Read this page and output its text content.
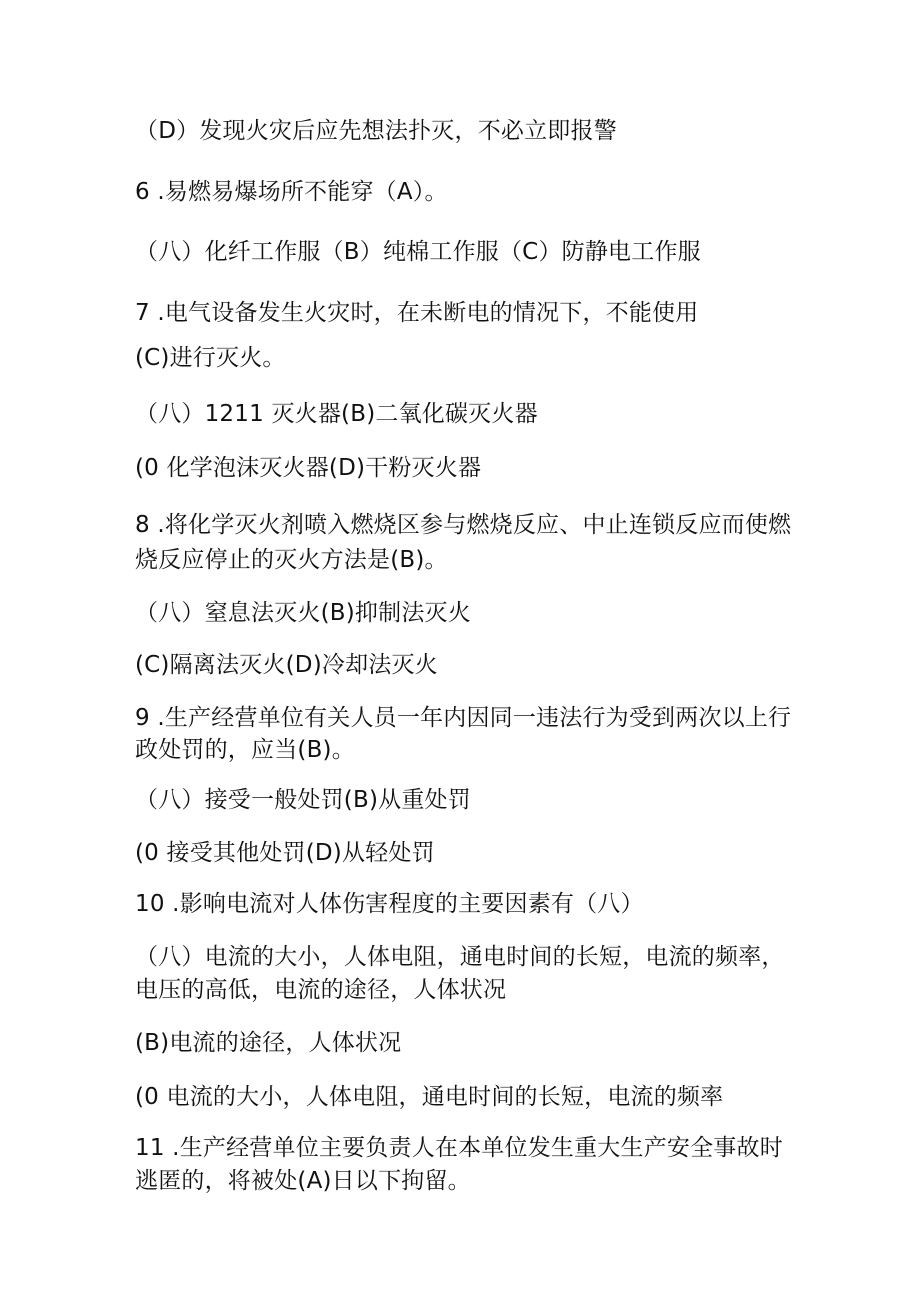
（D）发现火灾后应先想法扑灭，不必立即报警
6 .易燃易爆场所不能穿（A）。
（八）化纤工作服（B）纯棉工作服（C）防静电工作服
7 .电气设备发生火灾时，在未断电的情况下，不能使用
(C)进行灭火。
（八）1211 灭火器(B)二氧化碳灭火器
(0 化学泡沫灭火器(D)干粉灭火器
8 .将化学灭火剂喷入燃烧区参与燃烧反应、中止连锁反应而使燃
烧反应停止的灭火方法是(B)。
（八）窒息法灭火(B)抑制法灭火
(C)隔离法灭火(D)冷却法灭火
9 .生产经营单位有关人员一年内因同一违法行为受到两次以上行
政处罚的，应当(B)。
（八）接受一般处罚(B)从重处罚
(0 接受其他处罚(D)从轻处罚
10 .影响电流对人体伤害程度的主要因素有（八）
（八）电流的大小，人体电阻，通电时间的长短，电流的频率，
电压的高低，电流的途径，人体状况
(B)电流的途径，人体状况
(0 电流的大小，人体电阻，通电时间的长短，电流的频率
11 .生产经营单位主要负责人在本单位发生重大生产安全事故时
逃匿的，将被处(A)日以下拘留。
